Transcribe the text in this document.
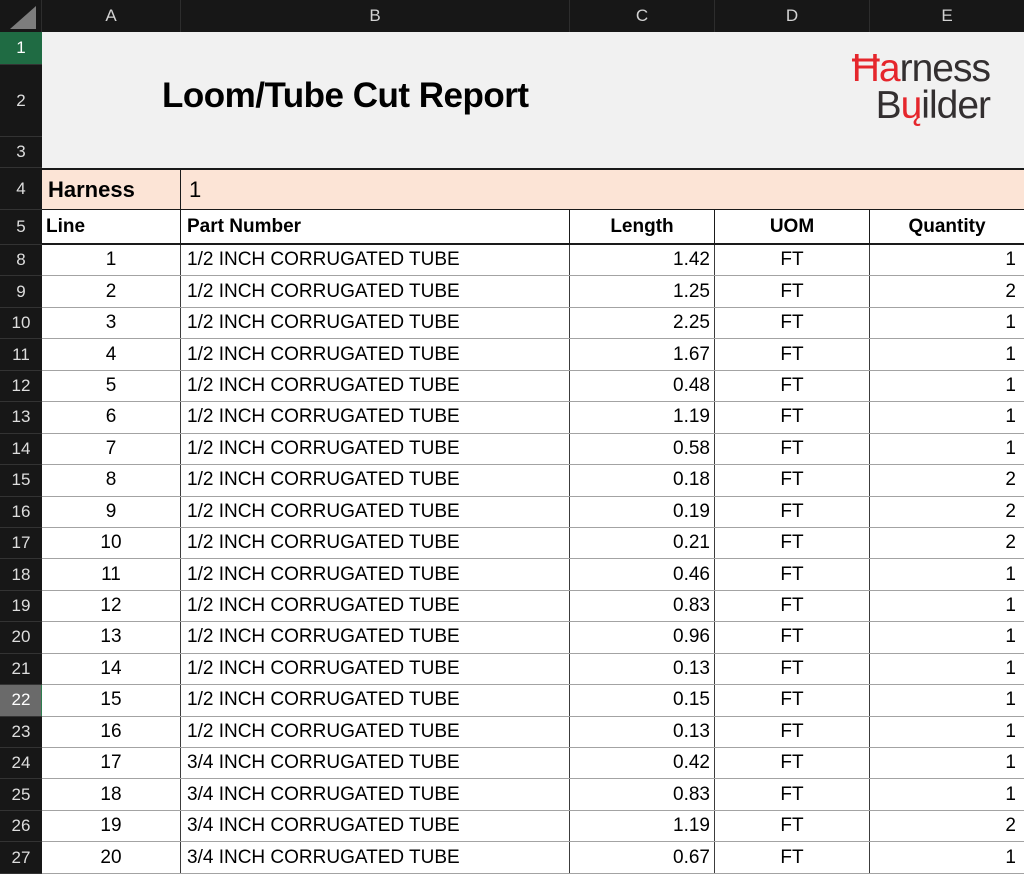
A	B	C	D	E
1
2
3
4
5
8
9
10
11
12
13
14
15
16
17
18
19
20
21
22
23
24
25
26
27
Loom/Tube Cut Report
Ħarness
Bųilder
Harness	1
Line	Part Number	Length	UOM	Quantity
1	1/2 INCH CORRUGATED TUBE	1.42	FT	1
2	1/2 INCH CORRUGATED TUBE	1.25	FT	2
3	1/2 INCH CORRUGATED TUBE	2.25	FT	1
4	1/2 INCH CORRUGATED TUBE	1.67	FT	1
5	1/2 INCH CORRUGATED TUBE	0.48	FT	1
6	1/2 INCH CORRUGATED TUBE	1.19	FT	1
7	1/2 INCH CORRUGATED TUBE	0.58	FT	1
8	1/2 INCH CORRUGATED TUBE	0.18	FT	2
9	1/2 INCH CORRUGATED TUBE	0.19	FT	2
10	1/2 INCH CORRUGATED TUBE	0.21	FT	2
11	1/2 INCH CORRUGATED TUBE	0.46	FT	1
12	1/2 INCH CORRUGATED TUBE	0.83	FT	1
13	1/2 INCH CORRUGATED TUBE	0.96	FT	1
14	1/2 INCH CORRUGATED TUBE	0.13	FT	1
15	1/2 INCH CORRUGATED TUBE	0.15	FT	1
16	1/2 INCH CORRUGATED TUBE	0.13	FT	1
17	3/4 INCH CORRUGATED TUBE	0.42	FT	1
18	3/4 INCH CORRUGATED TUBE	0.83	FT	1
19	3/4 INCH CORRUGATED TUBE	1.19	FT	2
20	3/4 INCH CORRUGATED TUBE	0.67	FT	1
